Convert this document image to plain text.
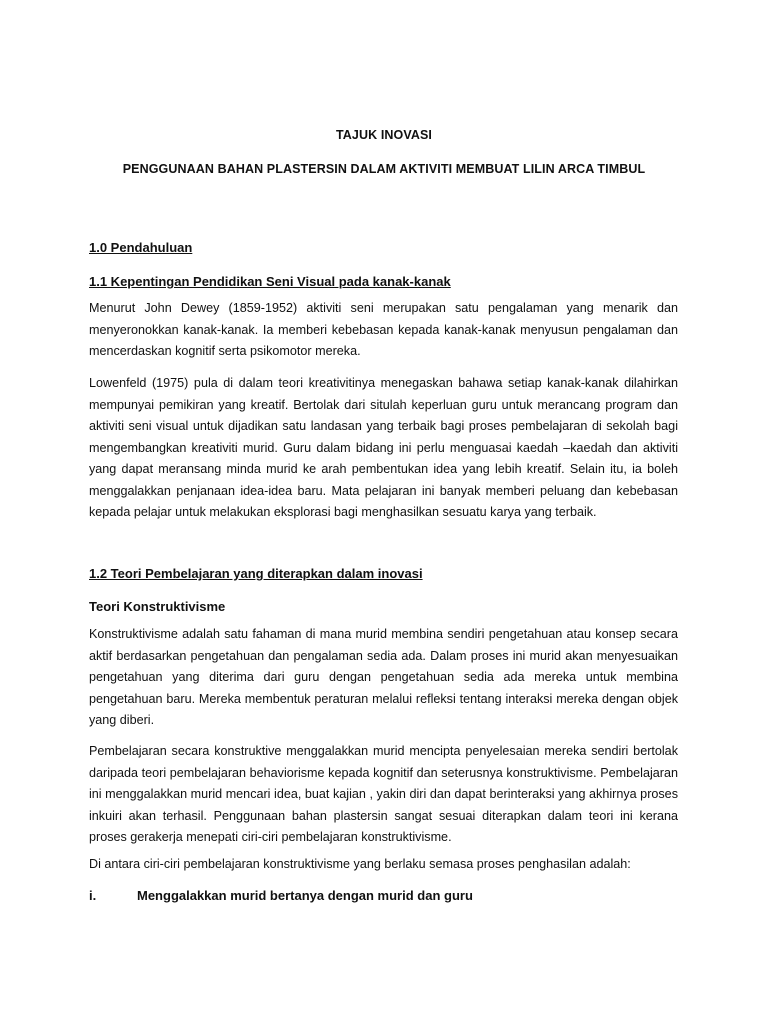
TAJUK INOVASI
PENGGUNAAN BAHAN PLASTERSIN DALAM AKTIVITI MEMBUAT LILIN ARCA TIMBUL
1.0 Pendahuluan
1.1 Kepentingan Pendidikan Seni Visual pada kanak-kanak

Menurut John Dewey (1859-1952) aktiviti seni merupakan satu pengalaman yang menarik dan menyeronokkan kanak-kanak. Ia memberi kebebasan kepada kanak-kanak menyusun pengalaman dan mencerdaskan kognitif serta psikomotor mereka.

Lowenfeld (1975) pula di dalam teori kreativitinya menegaskan bahawa setiap kanak-kanak dilahirkan mempunyai pemikiran yang kreatif. Bertolak dari situlah keperluan guru untuk merancang program dan aktiviti seni visual untuk dijadikan satu landasan yang terbaik bagi proses pembelajaran di sekolah bagi mengembangkan kreativiti murid. Guru dalam bidang ini perlu menguasai kaedah –kaedah dan aktiviti yang dapat meransang minda murid ke arah pembentukan idea yang lebih kreatif. Selain itu, ia boleh menggalakkan penjanaan idea-idea baru. Mata pelajaran ini banyak memberi peluang dan kebebasan kepada pelajar untuk melakukan eksplorasi bagi menghasilkan sesuatu karya yang terbaik.

1.2 Teori Pembelajaran yang diterapkan dalam inovasi
Teori Konstruktivisme

Konstruktivisme adalah satu fahaman di mana murid membina sendiri pengetahuan atau konsep secara aktif berdasarkan pengetahuan dan pengalaman sedia ada. Dalam proses ini murid akan menyesuaikan pengetahuan yang diterima dari guru dengan pengetahuan sedia ada mereka untuk membina pengetahuan baru. Mereka membentuk peraturan melalui refleksi tentang interaksi mereka dengan objek yang diberi.

Pembelajaran secara konstruktive menggalakkan murid mencipta penyelesaian mereka sendiri bertolak daripada teori pembelajaran behaviorisme kepada kognitif dan seterusnya konstruktivisme. Pembelajaran ini menggalakkan murid mencari idea, buat kajian , yakin diri dan dapat berinteraksi yang akhirnya proses inkuiri akan terhasil. Penggunaan bahan plastersin sangat sesuai diterapkan dalam teori ini kerana proses gerakerja menepati ciri-ciri pembelajaran konstruktivisme.

Di antara ciri-ciri pembelajaran konstruktivisme yang berlaku semasa proses penghasilan adalah:

i.	Menggalakkan murid bertanya dengan murid dan guru
